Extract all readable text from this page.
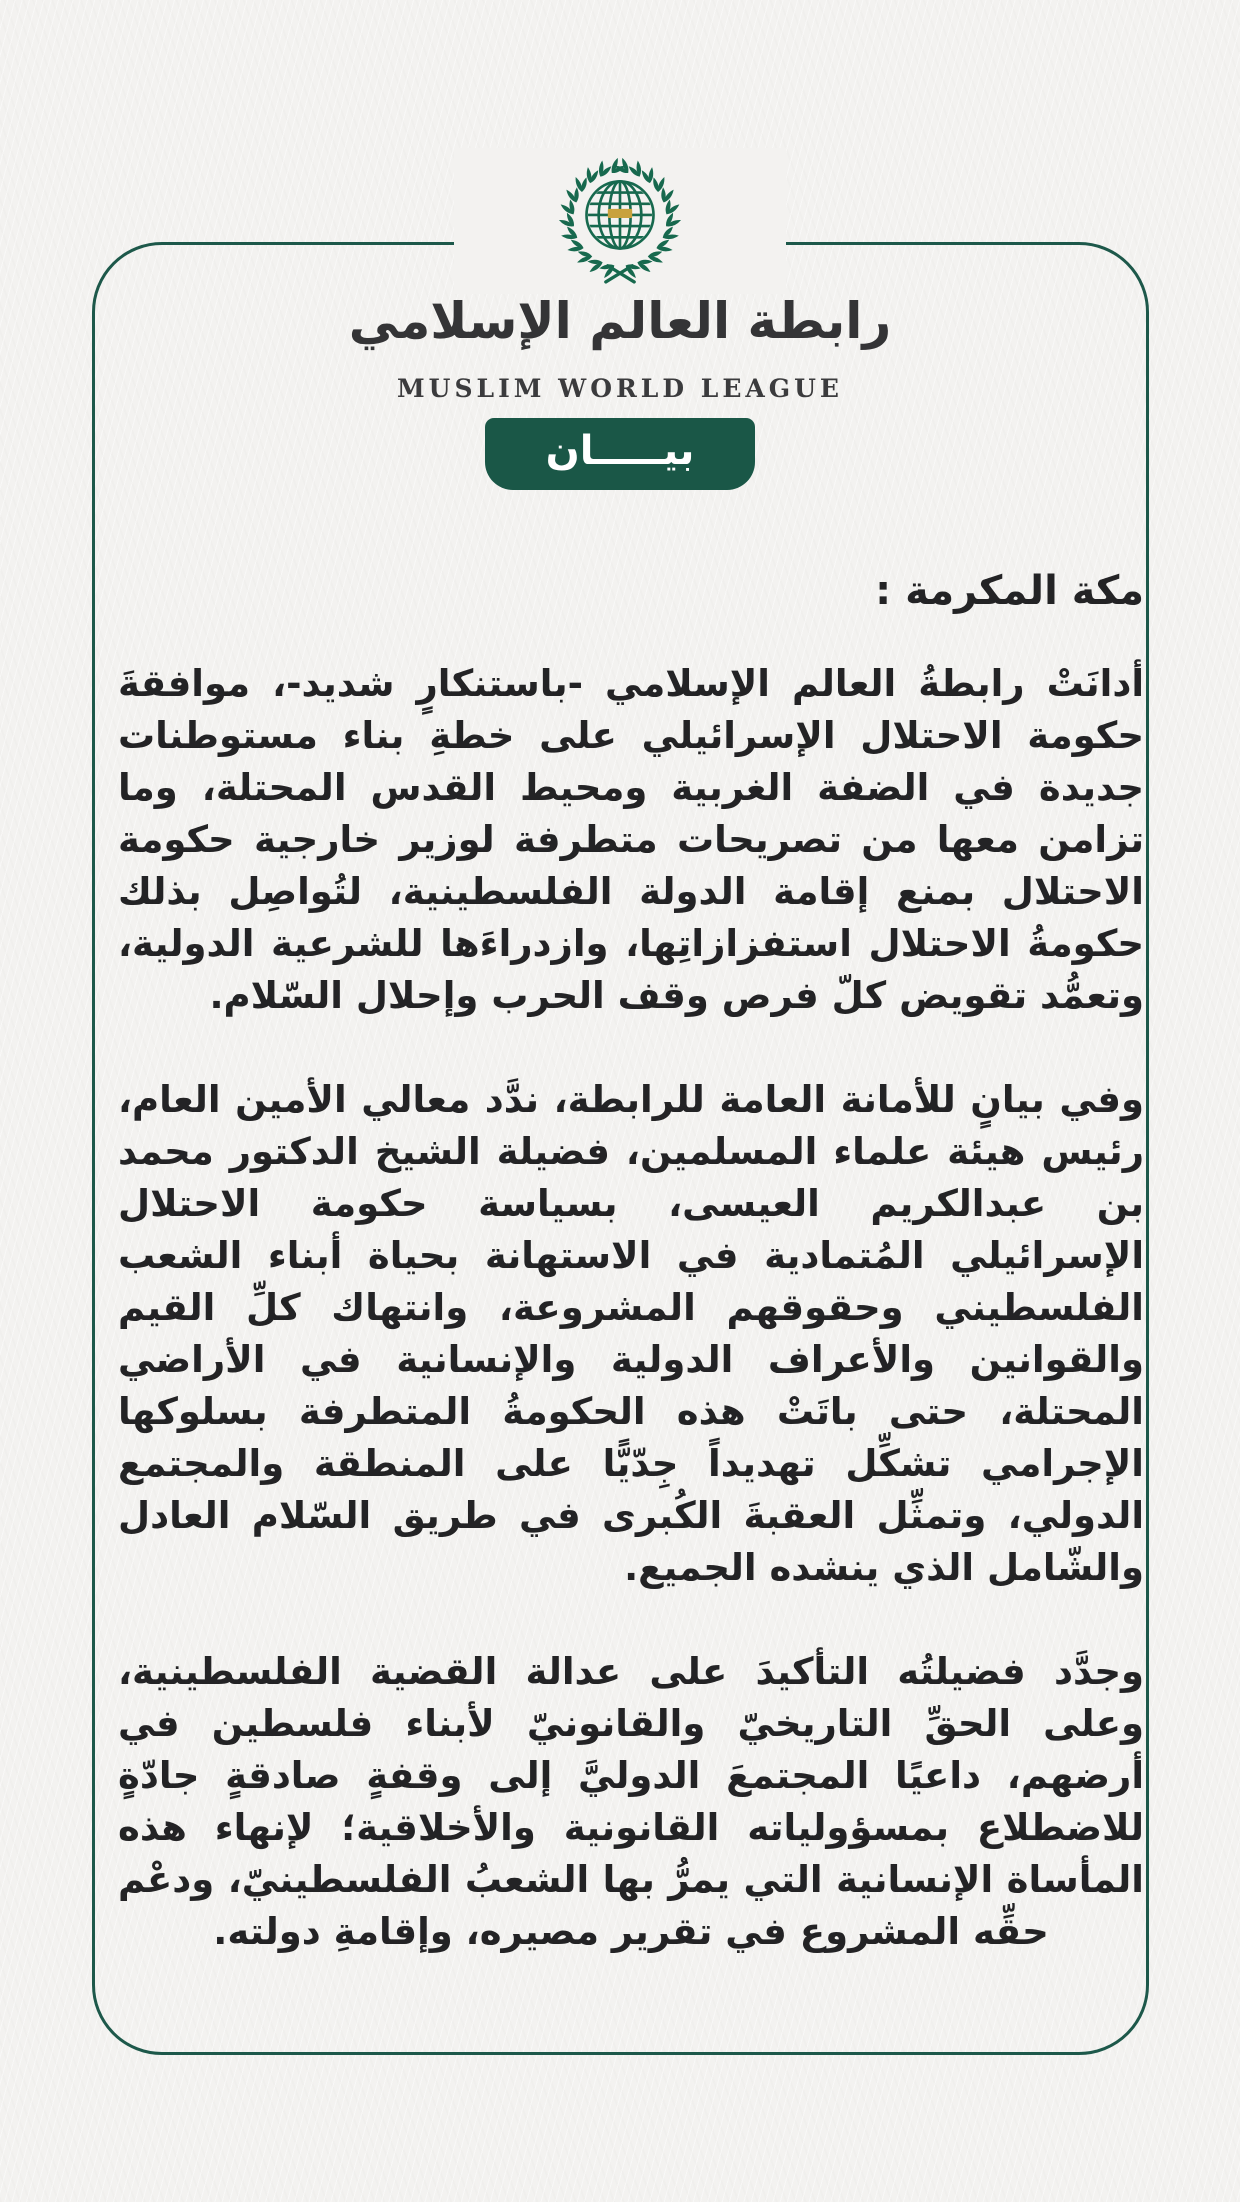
رابطة العالم الإسلامي
MUSLIM WORLD LEAGUE
بيـــــان
مكة المكرمة :

أدانَتْ رابطةُ العالم الإسلامي -باستنكارٍ شديد-، موافقةَ حكومة الاحتلال الإسرائيلي على خطةِ بناء مستوطنات جديدة في الضفة الغربية ومحيط القدس المحتلة، وما تزامن معها من تصريحات متطرفة لوزير خارجية حكومة الاحتلال بمنع إقامة الدولة الفلسطينية، لتُواصِل بذلك حكومةُ الاحتلال استفزازاتِها، وازدراءَها للشرعية الدولية، وتعمُّد تقويض كلّ فرص وقف الحرب وإحلال السّلام.

وفي بيانٍ للأمانة العامة للرابطة، ندَّد معالي الأمين العام، رئيس هيئة علماء المسلمين، فضيلة الشيخ الدكتور محمد بن عبدالكريم العيسى، بسياسة حكومة الاحتلال الإسرائيلي المُتمادية في الاستهانة بحياة أبناء الشعب الفلسطيني وحقوقهم المشروعة، وانتهاك كلِّ القيم والقوانين والأعراف الدولية والإنسانية في الأراضي المحتلة، حتى باتَتْ هذه الحكومةُ المتطرفة بسلوكها الإجرامي تشكِّل تهديداً جِدّيًّا على المنطقة والمجتمع الدولي، وتمثِّل العقبةَ الكُبرى في طريق السّلام العادل والشّامل الذي ينشده الجميع.

وجدَّد فضيلتُه التأكيدَ على عدالة القضية الفلسطينية، وعلى الحقِّ التاريخيّ والقانونيّ لأبناء فلسطين في أرضهم، داعيًا المجتمعَ الدوليَّ إلى وقفةٍ صادقةٍ جادّةٍ للاضطلاع بمسؤولياته القانونية والأخلاقية؛ لإنهاء هذه المأساة الإنسانية التي يمرُّ بها الشعبُ الفلسطينيّ، ودعْم حقِّه المشروع في تقرير مصيره، وإقامةِ دولته.
